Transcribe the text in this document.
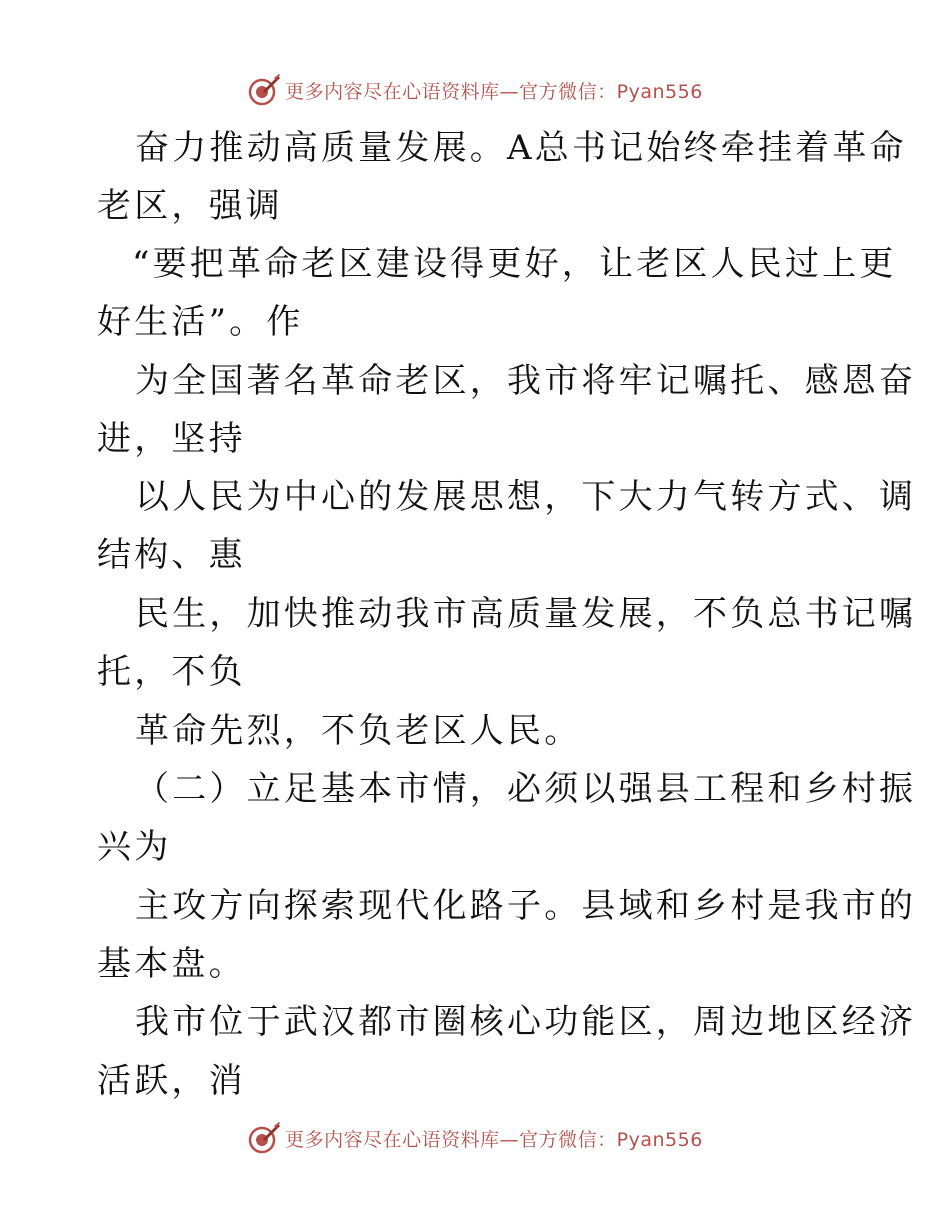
更多内容尽在心语资料库—官方微信：Pyan556
奋力推动高质量发展。A总书记始终牵挂着革命
老区，强调
“要把革命老区建设得更好，让老区人民过上更
好生活”。作
为全国著名革命老区，我市将牢记嘱托、感恩奋
进，坚持
以人民为中心的发展思想，下大力气转方式、调
结构、惠
民生，加快推动我市高质量发展，不负总书记嘱
托，不负
革命先烈，不负老区人民。
（二）立足基本市情，必须以强县工程和乡村振
兴为
主攻方向探索现代化路子。县域和乡村是我市的
基本盘。
我市位于武汉都市圈核心功能区，周边地区经济
活跃，消
更多内容尽在心语资料库—官方微信：Pyan556
